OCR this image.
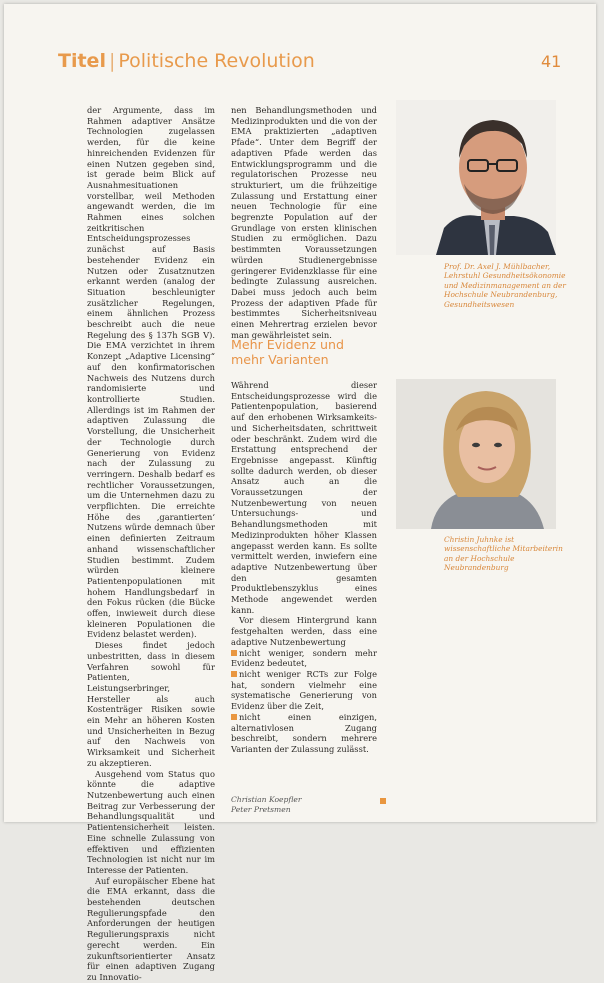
Titel | Politische Revolution	41

der Argumente, dass im Rahmen adaptiver Ansätze Technologien zugelassen werden, für die keine hinreichenden Evidenzen für einen Nutzen gegeben sind, ist gerade beim Blick auf Ausnahmesituationen vorstellbar, weil Methoden angewandt werden, die im Rahmen eines solchen zeitkritischen Entscheidungsprozesses zunächst auf Basis bestehender Evidenz ein Nutzen oder Zusatznutzen erkannt werden (analog der Situation beschleunigter zusätzlicher Regelungen, einem ähnlichen Prozess beschreibt auch die neue Regelung des § 137h SGB V). Die EMA verzichtet in ihrem Konzept „Adaptive Licensing“ auf den konfirmatorischen Nachweis des Nutzens durch randomisierte und kontrollierte Studien. Allerdings ist im Rahmen der adaptiven Zulassung die Vorstellung, die Unsicherheit der Technologie durch Generierung von Evidenz nach der Zulassung zu verringern. Deshalb bedarf es rechtlicher Voraussetzungen, um die Unternehmen dazu zu verpflichten. Die erreichte Höhe des ‚garantierten‘ Nutzens würde demnach über einen definierten Zeitraum anhand wissenschaftlicher Studien bestimmt. Zudem würden kleinere Patientenpopulationen mit hohem Handlungsbedarf in den Fokus rücken (die Bücke offen, inwieweit durch diese kleineren Populationen die Evidenz belastet werden).

Dieses findet jedoch unbestritten, dass in diesem Verfahren sowohl für Patienten, Leistungserbringer, Hersteller als auch Kostenträger Risiken sowie ein Mehr an höheren Kosten und Unsicherheiten in Bezug auf den Nachweis von Wirksamkeit und Sicherheit zu akzeptieren.

Ausgehend vom Status quo könnte die adaptive Nutzenbewertung auch einen Beitrag zur Verbesserung der Behandlungsqualität und Patientensicherheit leisten. Eine schnelle Zulassung von effektiven und effizienten Technologien ist nicht nur im Interesse der Patienten.

Auf europäischer Ebene hat die EMA erkannt, dass die bestehenden deutschen Regulierungspfade den Anforderungen der heutigen Regulierungspraxis nicht gerecht werden. Ein zukunftsorientierter Ansatz für einen adaptiven Zugang zu Innovatio-

nen Behandlungsmethoden und Medizinprodukten und die von der EMA praktizierten „adaptiven Pfade“. Unter dem Begriff der adaptiven Pfade werden das Entwicklungsprogramm und die regulatorischen Prozesse neu strukturiert, um die frühzeitige Zulassung und Erstattung einer neuen Technologie für eine begrenzte Population auf der Grundlage von ersten klinischen Studien zu ermöglichen. Dazu bestimmten Voraussetzungen würden Studienergebnisse geringerer Evidenzklasse für eine bedingte Zulassung ausreichen. Dabei muss jedoch auch beim Prozess der adaptiven Pfade für bestimmtes Sicherheitsniveau einen Mehrertrag erzielen bevor man gewährleistet sein.

Mehr Evidenz und
mehr Varianten

Während dieser Entscheidungsprozesse wird die Patientenpopulation, basierend auf den erhobenen Wirksamkeits- und Sicherheitsdaten, schrittweit oder beschränkt. Zudem wird die Erstattung entsprechend der Ergebnisse angepasst. Künftig sollte dadurch werden, ob dieser Ansatz auch an die Voraussetzungen der Nutzenbewertung von neuen Untersuchungs- und Behandlungsmethoden mit Medizinprodukten höher Klassen angepasst werden kann. Es sollte vermittelt werden, inwiefern eine adaptive Nutzenbewertung über den gesamten Produktlebenszyklus eines Methode angewendet werden kann.

Vor diesem Hintergrund kann festgehalten werden, dass eine adaptive Nutzenbewertung

nicht weniger, sondern mehr Evidenz bedeutet,

nicht weniger RCTs zur Folge hat, sondern vielmehr eine systematische Generierung von Evidenz über die Zeit,

nicht einen einzigen, alternativlosen Zugang beschreibt, sondern mehrere Varianten der Zulassung zulässt.

Christian Koepfler
Peter Pretsmen
Prof. Dr. Axel J. Mühlbacher, Lehrstuhl Gesundheitsökonomie und Medizinmanagement an der Hochschule Neubrandenburg, Gesundheitswesen
Christin Juhnke ist wissenschaftliche Mitarbeiterin an der Hochschule Neubrandenburg
